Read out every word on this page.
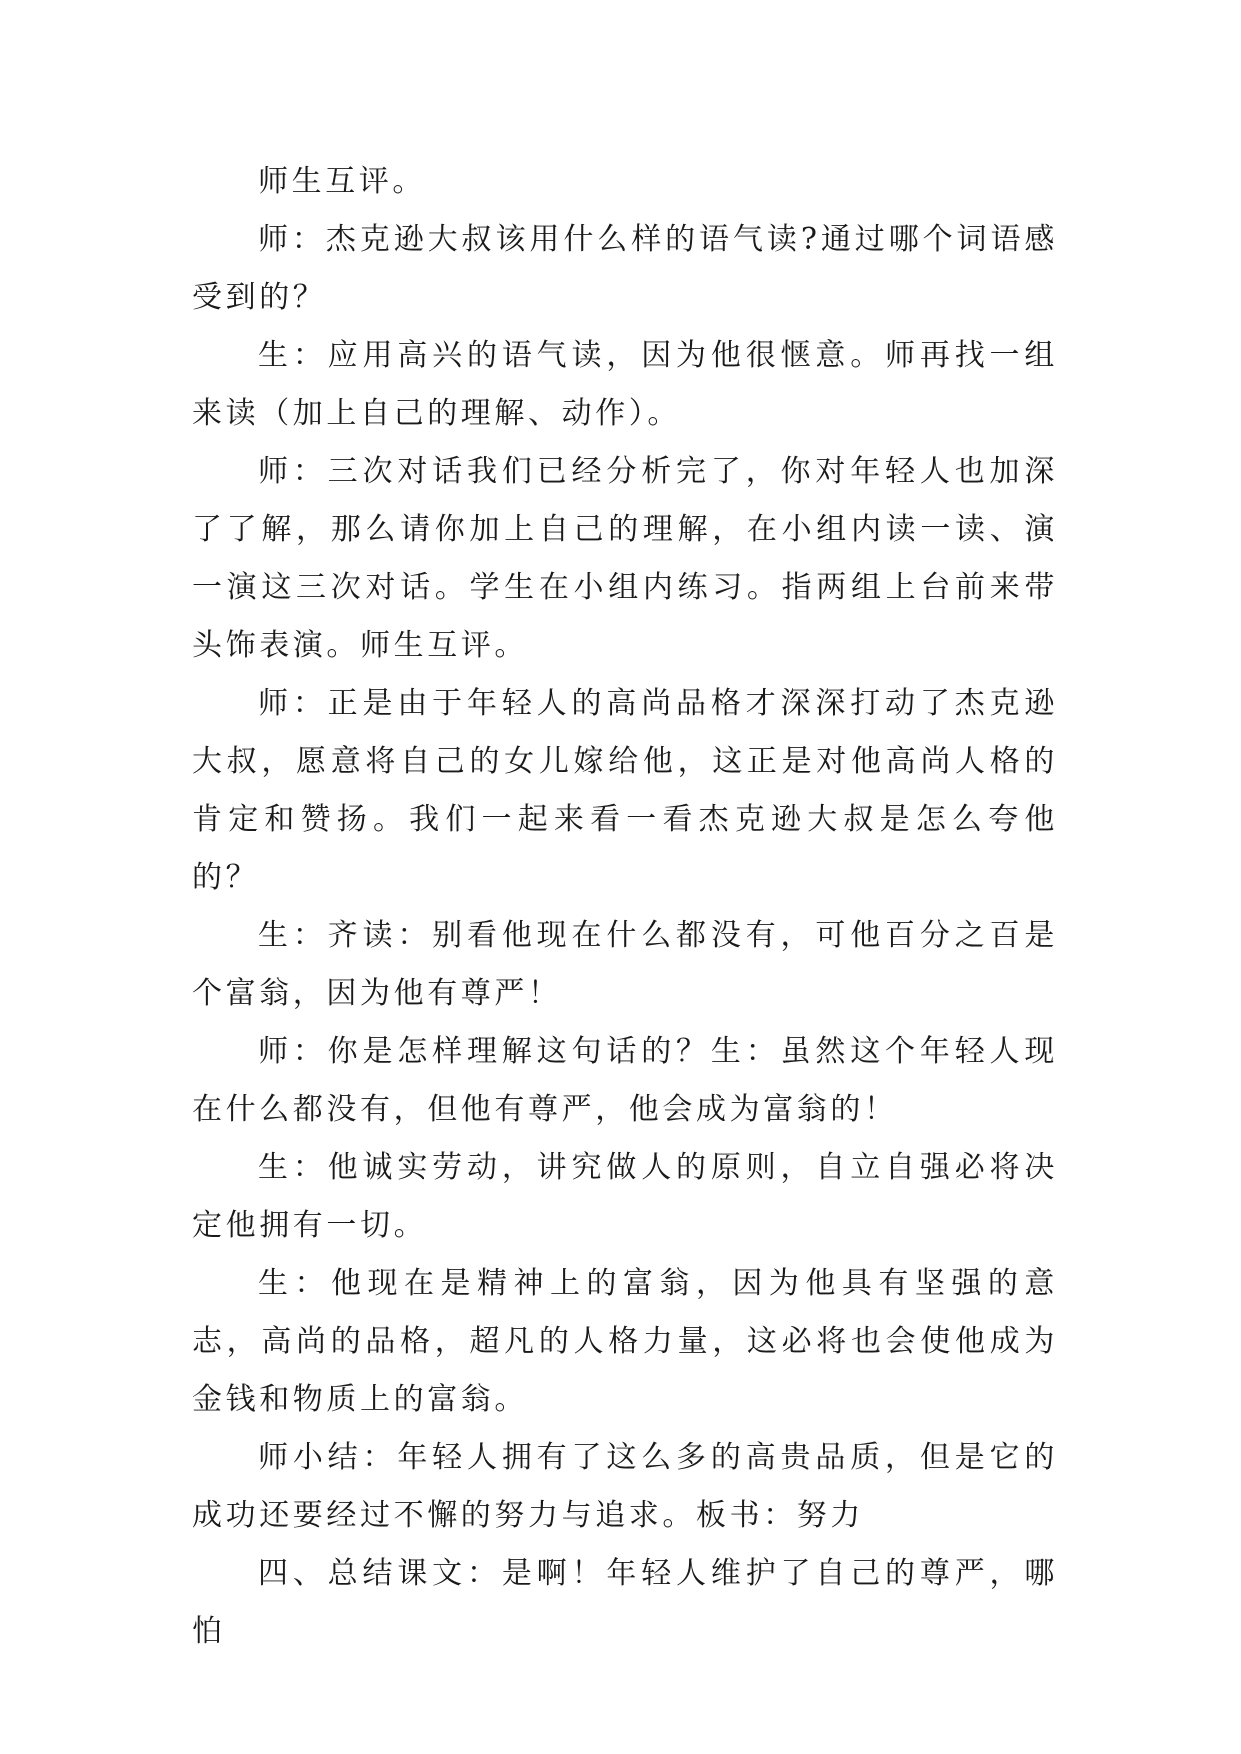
师生互评。

师：杰克逊大叔该用什么样的语气读?通过哪个词语感受到的？

生：应用高兴的语气读，因为他很惬意。师再找一组来读（加上自己的理解、动作）。

师：三次对话我们已经分析完了，你对年轻人也加深了了解，那么请你加上自己的理解，在小组内读一读、演一演这三次对话。学生在小组内练习。指两组上台前来带头饰表演。师生互评。

师：正是由于年轻人的高尚品格才深深打动了杰克逊大叔，愿意将自己的女儿嫁给他，这正是对他高尚人格的肯定和赞扬。我们一起来看一看杰克逊大叔是怎么夸他的？

生：齐读：别看他现在什么都没有，可他百分之百是个富翁，因为他有尊严！

师：你是怎样理解这句话的？生：虽然这个年轻人现在什么都没有，但他有尊严，他会成为富翁的！

生：他诚实劳动，讲究做人的原则，自立自强必将决定他拥有一切。

生：他现在是精神上的富翁，因为他具有坚强的意志，高尚的品格，超凡的人格力量，这必将也会使他成为金钱和物质上的富翁。

师小结：年轻人拥有了这么多的高贵品质，但是它的成功还要经过不懈的努力与追求。板书：努力

四、总结课文：是啊！年轻人维护了自己的尊严，哪怕
